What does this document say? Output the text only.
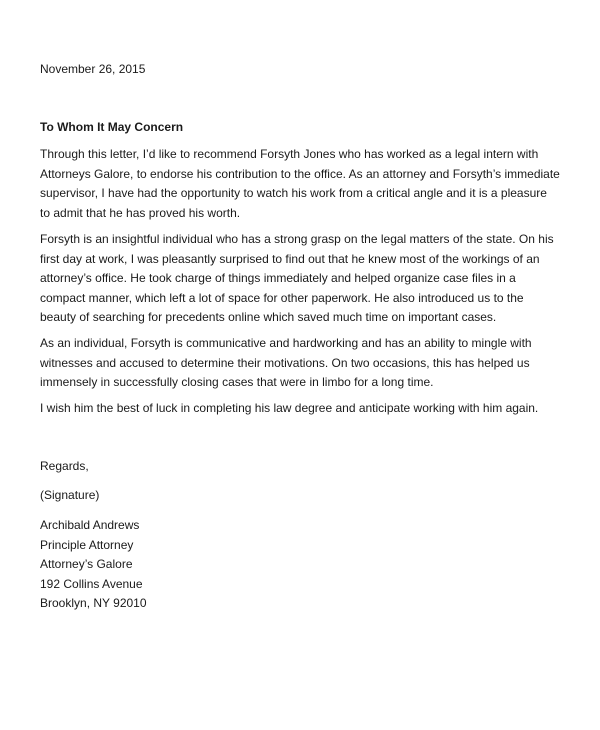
November 26, 2015
To Whom It May Concern

Through this letter, I’d like to recommend Forsyth Jones who has worked as a legal intern with Attorneys Galore, to endorse his contribution to the office. As an attorney and Forsyth’s immediate supervisor, I have had the opportunity to watch his work from a critical angle and it is a pleasure to admit that he has proved his worth.

Forsyth is an insightful individual who has a strong grasp on the legal matters of the state. On his first day at work, I was pleasantly surprised to find out that he knew most of the workings of an attorney’s office. He took charge of things immediately and helped organize case files in a compact manner, which left a lot of space for other paperwork. He also introduced us to the beauty of searching for precedents online which saved much time on important cases.

As an individual, Forsyth is communicative and hardworking and has an ability to mingle with witnesses and accused to determine their motivations. On two occasions, this has helped us immensely in successfully closing cases that were in limbo for a long time.

I wish him the best of luck in completing his law degree and anticipate working with him again.

Regards,
(Signature)
Archibald Andrews
Principle Attorney
Attorney’s Galore
192 Collins Avenue
Brooklyn, NY 92010
